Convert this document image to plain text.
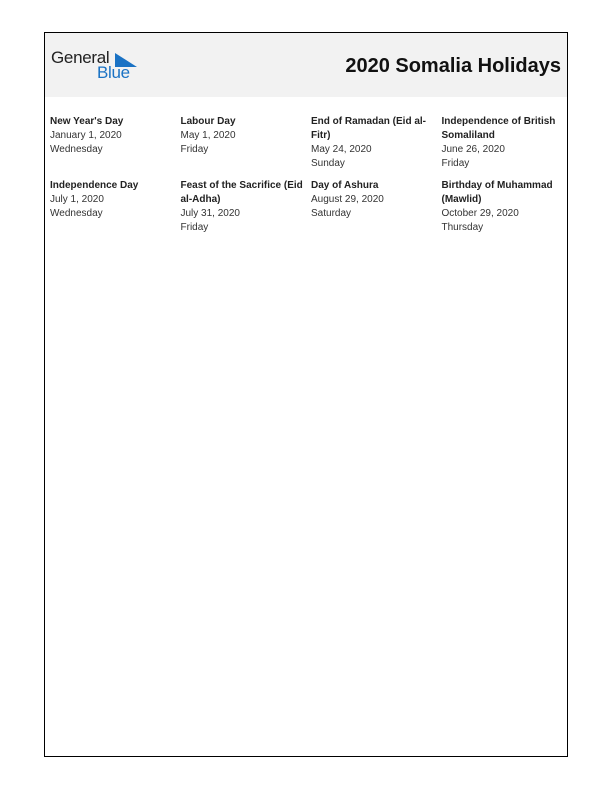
General
Blue	2020 Somalia Holidays
New Year's Day
January 1, 2020
Wednesday
Labour Day
May 1, 2020
Friday
End of Ramadan (Eid al-Fitr)
May 24, 2020
Sunday
Independence of British Somaliland
June 26, 2020
Friday
Independence Day
July 1, 2020
Wednesday
Feast of the Sacrifice (Eid al-Adha)
July 31, 2020
Friday
Day of Ashura
August 29, 2020
Saturday
Birthday of Muhammad (Mawlid)
October 29, 2020
Thursday
